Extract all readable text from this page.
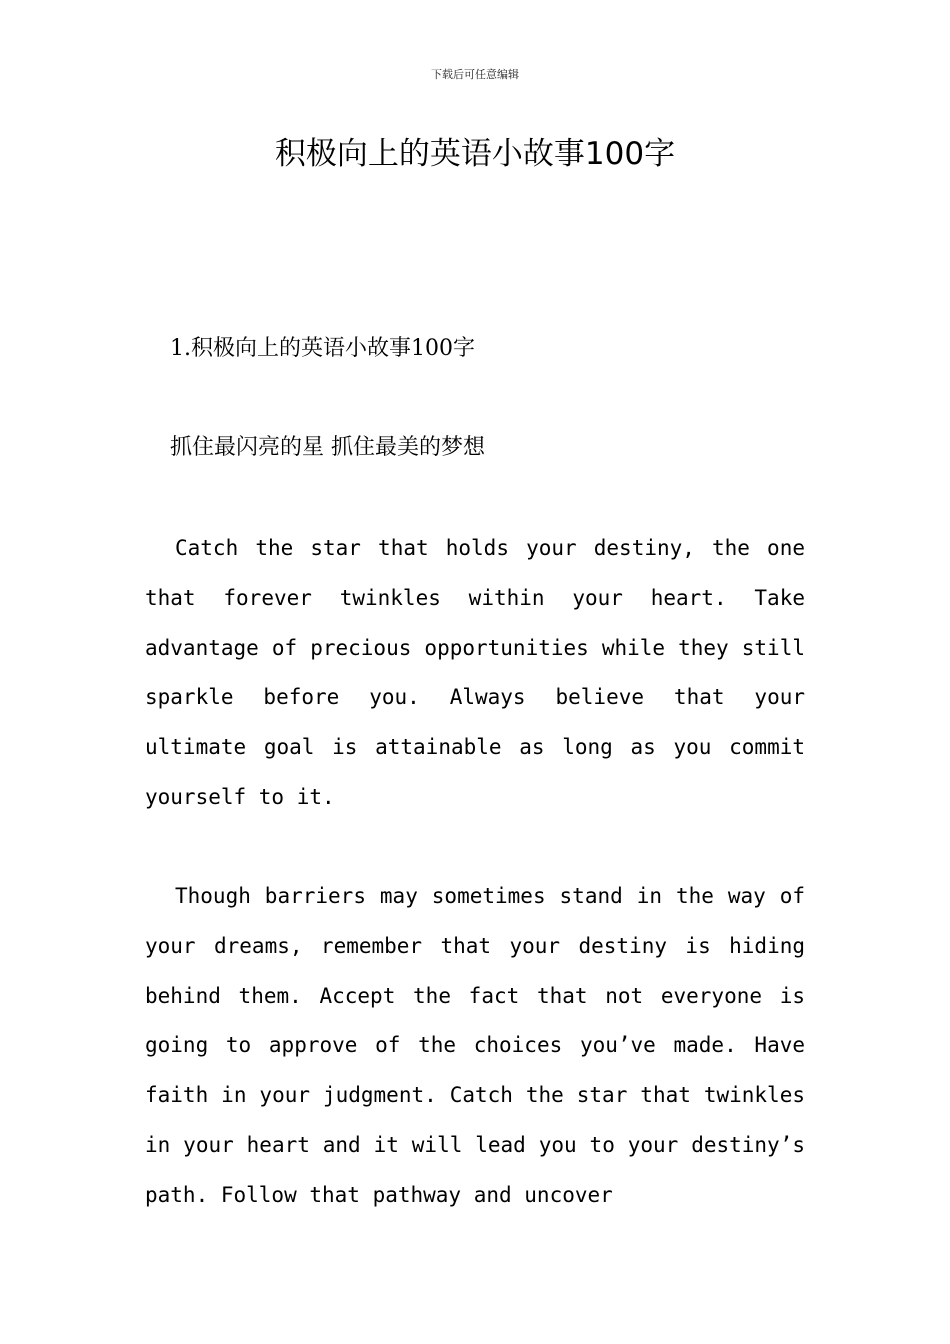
下载后可任意编辑
积极向上的英语小故事100字
1.积极向上的英语小故事100字
抓住最闪亮的星 抓住最美的梦想
Catch the star that holds your destiny, the one that forever twinkles within your heart. Take advantage of precious opportunities while they still sparkle before you. Always believe that your ultimate goal is attainable as long as you commit yourself to it.
Though barriers may sometimes stand in the way of your dreams, remember that your destiny is hiding behind them. Accept the fact that not everyone is going to approve of the choices you’ve made. Have faith in your judgment. Catch the star that twinkles in your heart and it will lead you to your destiny’s path. Follow that pathway and uncover
